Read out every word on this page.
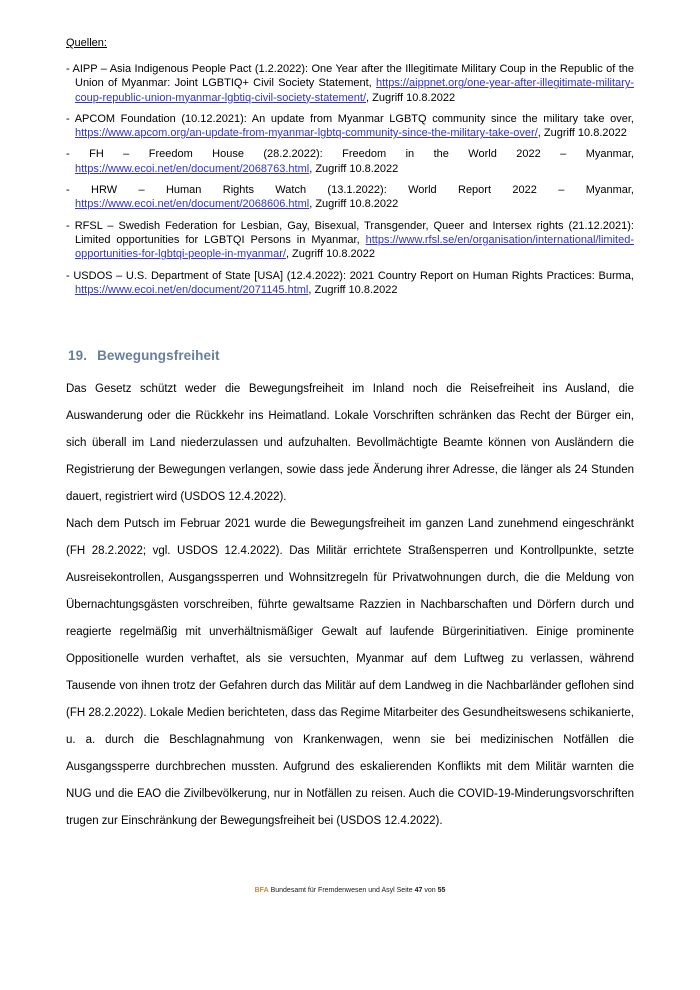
Quellen:

- AIPP – Asia Indigenous People Pact (1.2.2022): One Year after the Illegitimate Military Coup in the Republic of the Union of Myanmar: Joint LGBTIQ+ Civil Society Statement, https://aippnet.org/one-year-after-illegitimate-military-coup-republic-union-myanmar-lgbtiq-civil-society-statement/, Zugriff 10.8.2022

- APCOM Foundation (10.12.2021): An update from Myanmar LGBTQ community since the military take over, https://www.apcom.org/an-update-from-myanmar-lgbtq-community-since-the-military-take-over/, Zugriff 10.8.2022

- FH – Freedom House (28.2.2022): Freedom in the World 2022 – Myanmar, https://www.ecoi.net/en/document/2068763.html, Zugriff 10.8.2022

- HRW – Human Rights Watch (13.1.2022): World Report 2022 – Myanmar, https://www.ecoi.net/en/document/2068606.html, Zugriff 10.8.2022

- RFSL – Swedish Federation for Lesbian, Gay, Bisexual, Transgender, Queer and Intersex rights (21.12.2021): Limited opportunities for LGBTQI Persons in Myanmar, https://www.rfsl.se/en/organisation/international/limited-opportunities-for-lgbtqi-people-in-myanmar/, Zugriff 10.8.2022

- USDOS – U.S. Department of State [USA] (12.4.2022): 2021 Country Report on Human Rights Practices: Burma, https://www.ecoi.net/en/document/2071145.html, Zugriff 10.8.2022

19. Bewegungsfreiheit

Das Gesetz schützt weder die Bewegungsfreiheit im Inland noch die Reisefreiheit ins Ausland, die Auswanderung oder die Rückkehr ins Heimatland. Lokale Vorschriften schränken das Recht der Bürger ein, sich überall im Land niederzulassen und aufzuhalten. Bevollmächtigte Beamte können von Ausländern die Registrierung der Bewegungen verlangen, sowie dass jede Änderung ihrer Adresse, die länger als 24 Stunden dauert, registriert wird (USDOS 12.4.2022).

Nach dem Putsch im Februar 2021 wurde die Bewegungsfreiheit im ganzen Land zunehmend eingeschränkt (FH 28.2.2022; vgl. USDOS 12.4.2022). Das Militär errichtete Straßensperren und Kontrollpunkte, setzte Ausreisekontrollen, Ausgangssperren und Wohnsitzregeln für Privatwohnungen durch, die die Meldung von Übernachtungsgästen vorschreiben, führte gewaltsame Razzien in Nachbarschaften und Dörfern durch und reagierte regelmäßig mit unverhältnismäßiger Gewalt auf laufende Bürgerinitiativen. Einige prominente Oppositionelle wurden verhaftet, als sie versuchten, Myanmar auf dem Luftweg zu verlassen, während Tausende von ihnen trotz der Gefahren durch das Militär auf dem Landweg in die Nachbarländer geflohen sind (FH 28.2.2022). Lokale Medien berichteten, dass das Regime Mitarbeiter des Gesundheitswesens schikanierte, u. a. durch die Beschlagnahmung von Krankenwagen, wenn sie bei medizinischen Notfällen die Ausgangssperre durchbrechen mussten. Aufgrund des eskalierenden Konflikts mit dem Militär warnten die NUG und die EAO die Zivilbevölkerung, nur in Notfällen zu reisen. Auch die COVID-19-Minderungsvorschriften trugen zur Einschränkung der Bewegungsfreiheit bei (USDOS 12.4.2022).

BFA Bundesamt für Fremdenwesen und Asyl Seite 47 von 55
